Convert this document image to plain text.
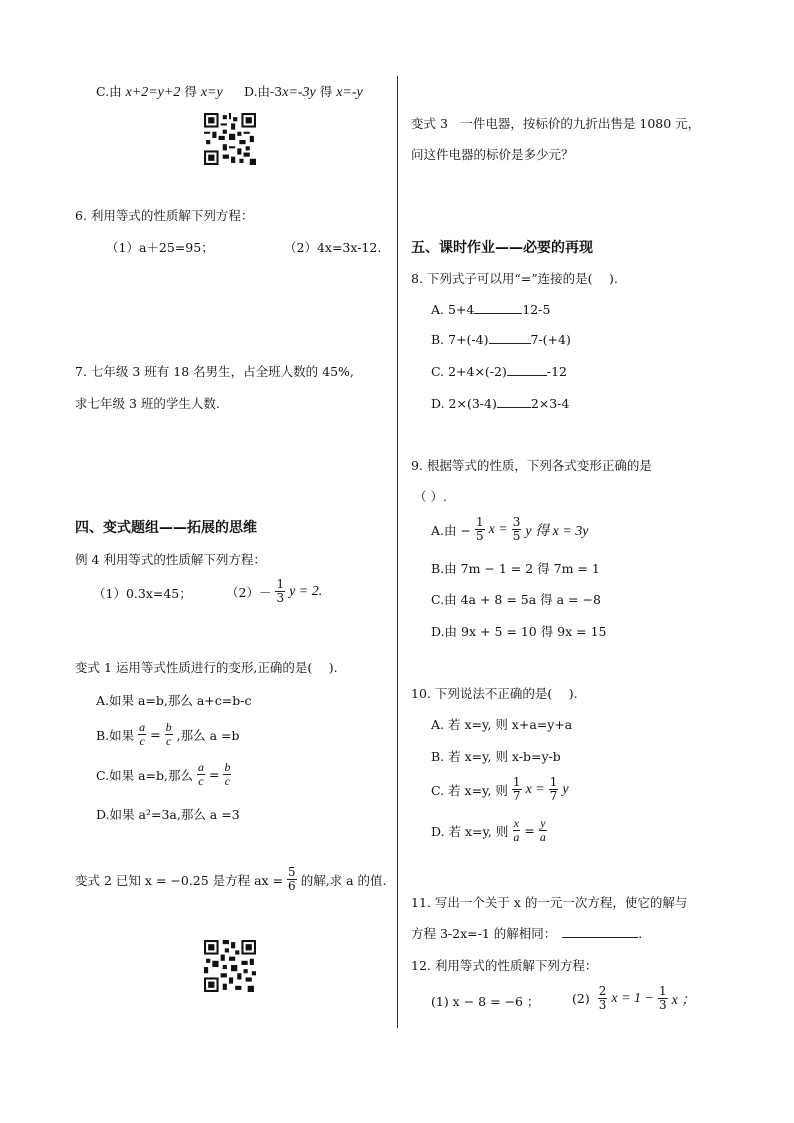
C.由 x+2=y+2 得 x=y D.由-3x=-3y 得 x=-y
6. 利用等式的性质解下列方程：
（1）a＋25=95；	（2）4x=3x-12.
7. 七年级 3 班有 18 名男生，占全班人数的 45%,
求七年级 3 班的学生人数.
四、变式题组——拓展的思维
例 4 利用等式的性质解下列方程：
（1）0.3x=45；	$(2)- \frac{1}{3}$ y = 2.
变式 1 运用等式性质进行的变形,正确的是(　 ).
A.如果 a=b,那么 a+c=b-c
B.如果 $\frac{a}{c} = \frac{b}{c}$ ,那么 a =b
C.如果 a=b,那么 $\frac{a}{c} = \frac{b}{c}$
D.如果 a²=3a,那么 a =3
变式 2 已知 x = −0.25 是方程 ax = $\frac{5}{6}$ 的解,求 a 的值.
变式 3　一件电器，按标价的九折出售是 1080 元，
问这件电器的标价是多少元？
五、课时作业——必要的再现
8. 下列式子可以用“=”连接的是(　 ).
A. 5+4	12-5
B. 7+(-4)	7-(+4)
C. 2+4×(-2)	-12
D. 2×(3-4)	2×3-4
9. 根据等式的性质，下列各式变形正确的是
（ ）.
A.由 − $\frac{1}{5}$ $x = \frac{3}{5}$ y 得 x = 3y
B.由 7m − 1 = 2 得 7m = 1
C.由 4a + 8 = 5a 得 a = −8
D.由 9x + 5 = 10 得 9x = 15
10. 下列说法不正确的是(　 ).
A. 若 x=y, 则 x+a=y+a
B. 若 x=y, 则 x-b=y-b
C. 若 x=y, 则 $\frac{1}{7}$ $x = \frac{1}{7}$ y
D. 若 x=y, 则 $\frac{x}{a} = \frac{y}{a}$
11. 写出一个关于 x 的一元一次方程，使它的解与
方程 3-2x=-1 的解相同：	.
12. 利用等式的性质解下列方程：
(1) x − 8 = −6 ；	$(2) \frac{2}{3}$ $x = 1 - \frac{1}{3}$ x ；
